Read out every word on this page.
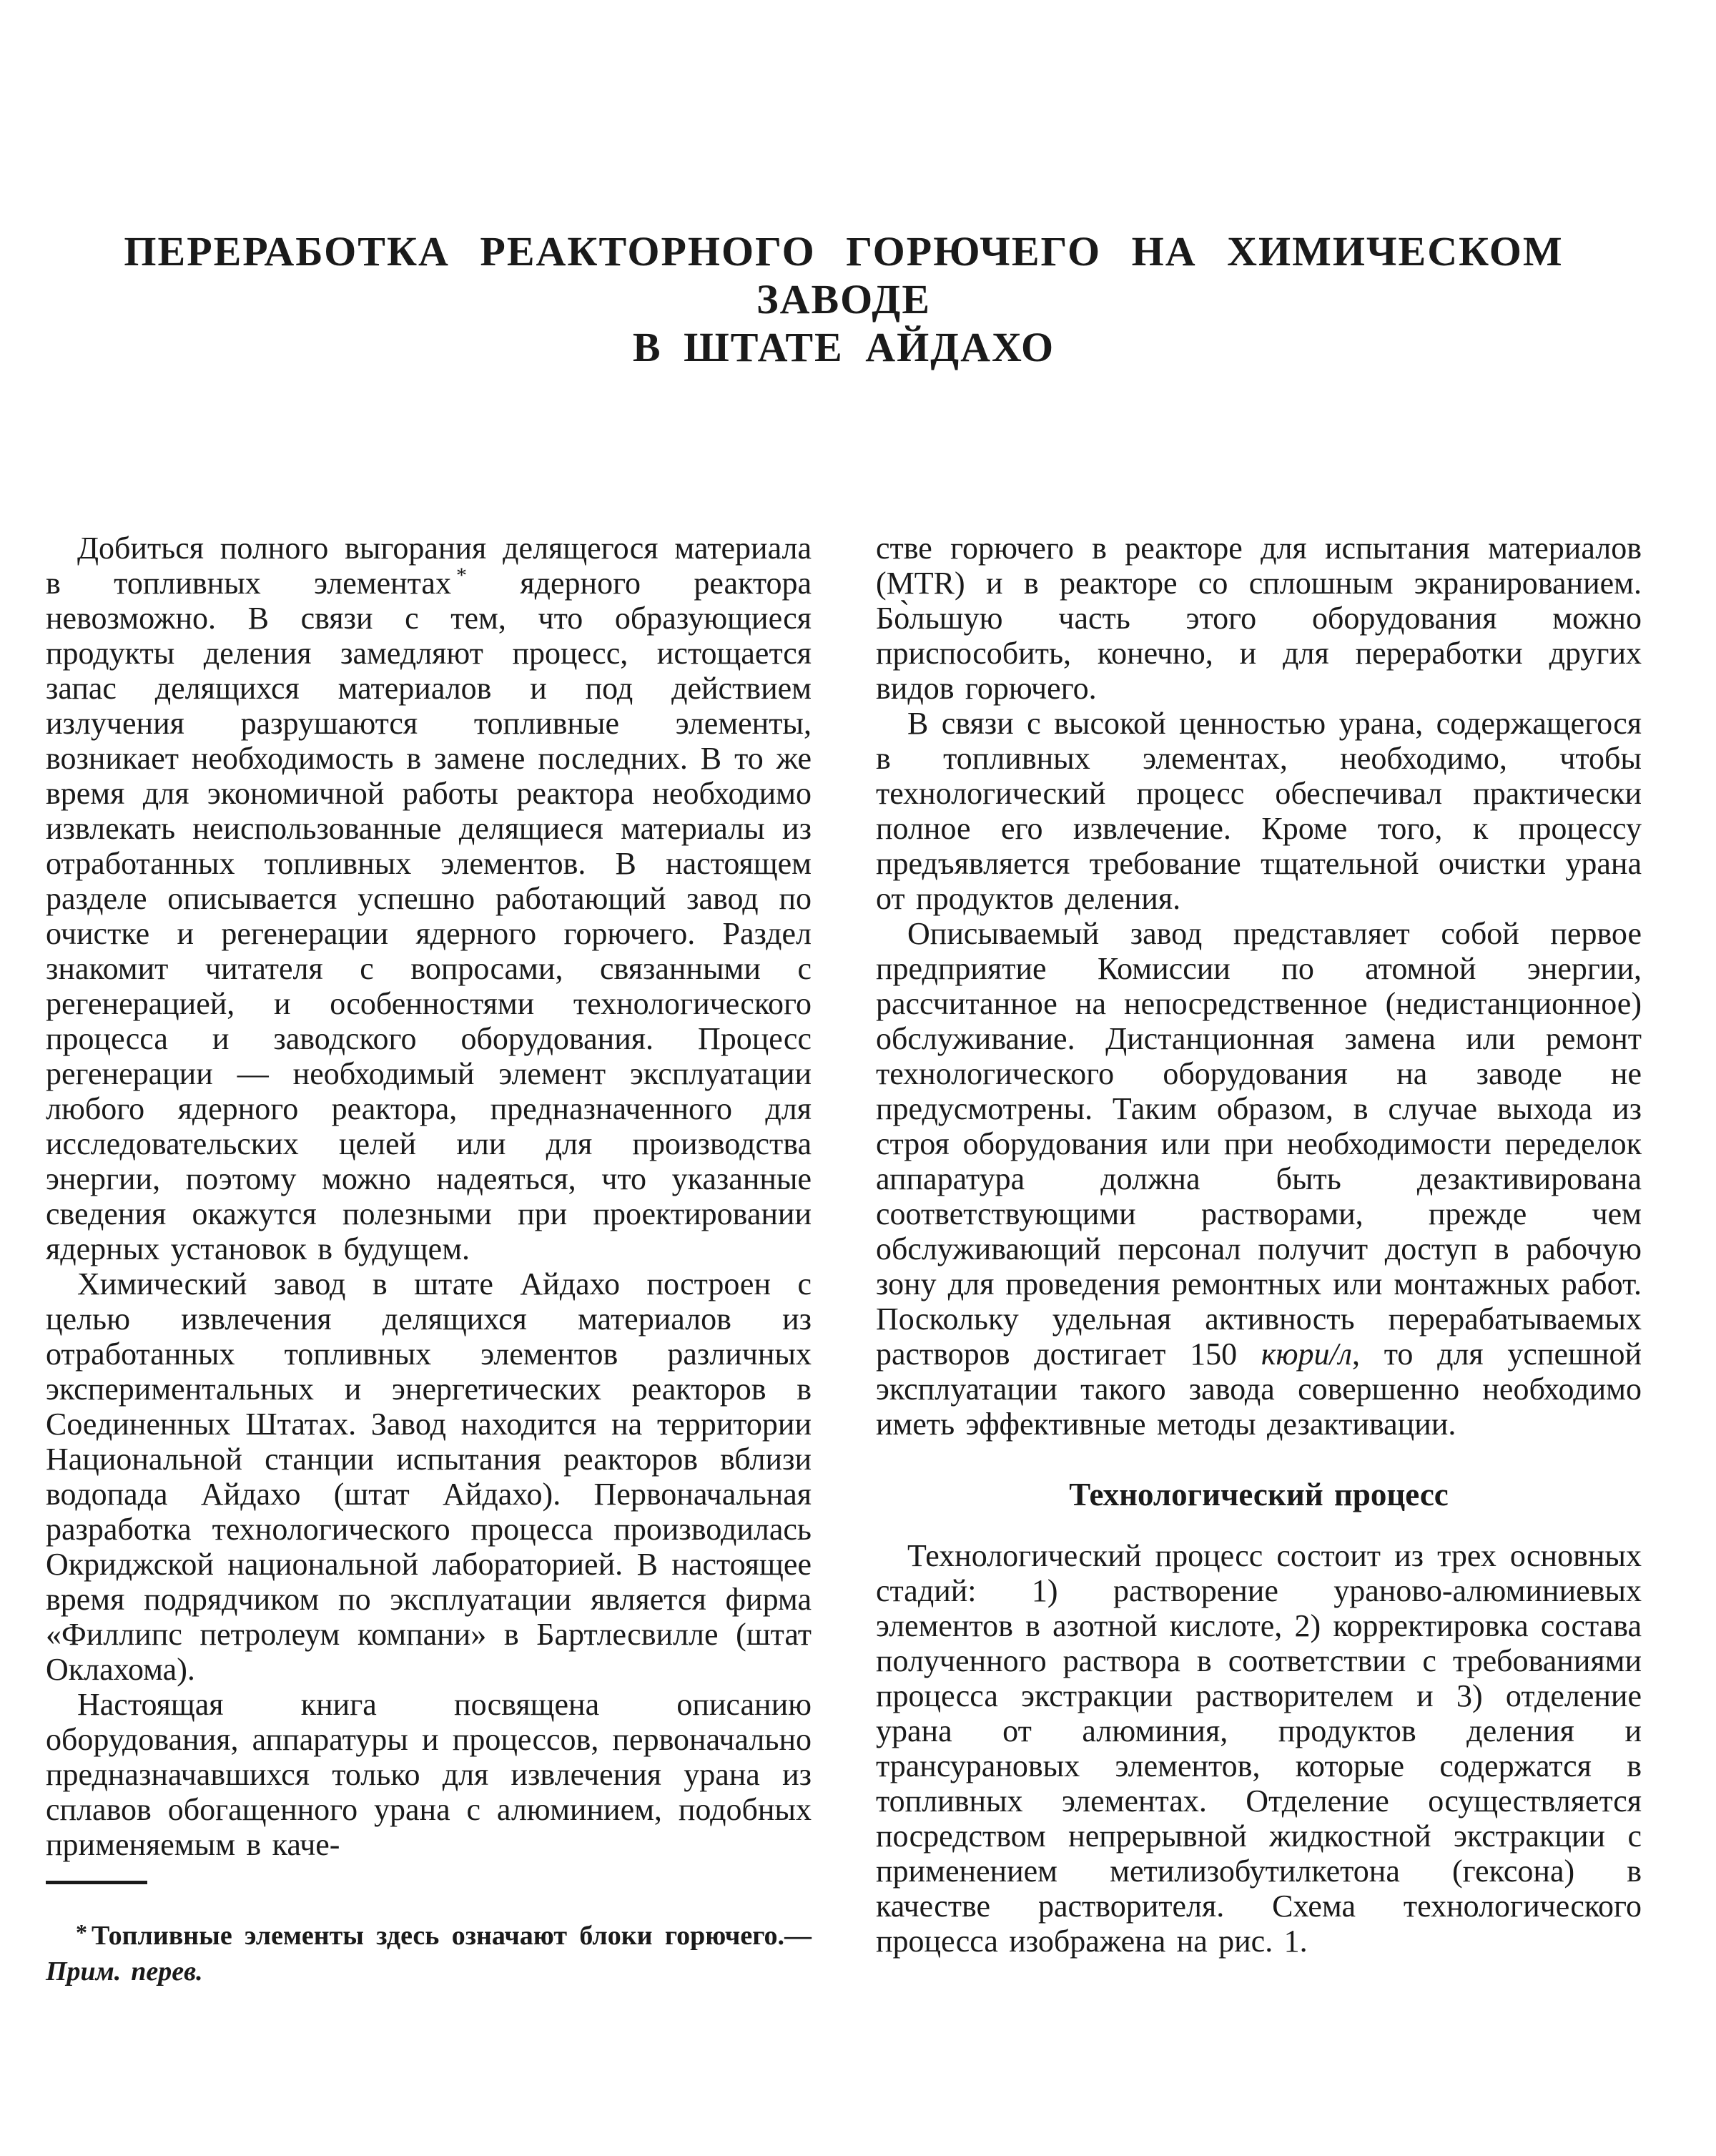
ПЕРЕРАБОТКА РЕАКТОРНОГО ГОРЮЧЕГО НА ХИМИЧЕСКОМ ЗАВОДЕ
В ШТАТЕ АЙДАХО

Добиться полного выгорания делящегося материала в топливных элементах * ядерного реактора невозможно. В связи с тем, что образующиеся продукты деления замедляют процесс, истощается запас делящихся материалов и под действием излучения разрушаются топливные элементы, возникает необходимость в замене последних. В то же время для экономичной работы реактора необходимо извлекать неиспользованные делящиеся материалы из отработанных топливных элементов. В настоящем разделе описывается успешно работающий завод по очистке и регенерации ядерного горючего. Раздел знакомит читателя с вопросами, связанными с регенерацией, и особенностями технологического процесса и заводского оборудования. Процесс регенерации — необходимый элемент эксплуатации любого ядерного реактора, предназначенного для исследовательских целей или для производства энергии, поэтому можно надеяться, что указанные сведения окажутся полезными при проектировании ядерных установок в будущем.

Химический завод в штате Айдахо построен с целью извлечения делящихся материалов из отработанных топливных элементов различных экспериментальных и энергетических реакторов в Соединенных Штатах. Завод находится на территории Национальной станции испытания реакторов вблизи водопада Айдахо (штат Айдахо). Первоначальная разработка технологического процесса производилась Окриджской национальной лабораторией. В настоящее время подрядчиком по эксплуатации является фирма «Филлипс петролеум компани» в Бартлесвилле (штат Оклахома).

Настоящая книга посвящена описанию оборудования, аппаратуры и процессов, первоначально предназначавшихся только для извлечения урана из сплавов обогащенного урана с алюминием, подобных применяемым в каче-

* Топливные элементы здесь означают блоки горючего.— Прим. перев.

стве горючего в реакторе для испытания материалов (MTR) и в реакторе со сплошным экранированием. Бо̀льшую часть этого оборудования можно приспособить, конечно, и для переработки других видов горючего.

В связи с высокой ценностью урана, содержащегося в топливных элементах, необходимо, чтобы технологический процесс обеспечивал практически полное его извлечение. Кроме того, к процессу предъявляется требование тщательной очистки урана от продуктов деления.

Описываемый завод представляет собой первое предприятие Комиссии по атомной энергии, рассчитанное на непосредственное (недистанционное) обслуживание. Дистанционная замена или ремонт технологического оборудования на заводе не предусмотрены. Таким образом, в случае выхода из строя оборудования или при необходимости переделок аппаратура должна быть дезактивирована соответствующими растворами, прежде чем обслуживающий персонал получит доступ в рабочую зону для проведения ремонтных или монтажных работ. Поскольку удельная активность перерабатываемых растворов достигает 150 кюри/л, то для успешной эксплуатации такого завода совершенно необходимо иметь эффективные методы дезактивации.

Технологический процесс

Технологический процесс состоит из трех основных стадий: 1) растворение ураново-алюминиевых элементов в азотной кислоте, 2) корректировка состава полученного раствора в соответствии с требованиями процесса экстракции растворителем и 3) отделение урана от алюминия, продуктов деления и трансурановых элементов, которые содержатся в топливных элементах. Отделение осуществляется посредством непрерывной жидкостной экстракции с применением метилизобутилкетона (гексона) в качестве растворителя. Схема технологического процесса изображена на рис. 1.
